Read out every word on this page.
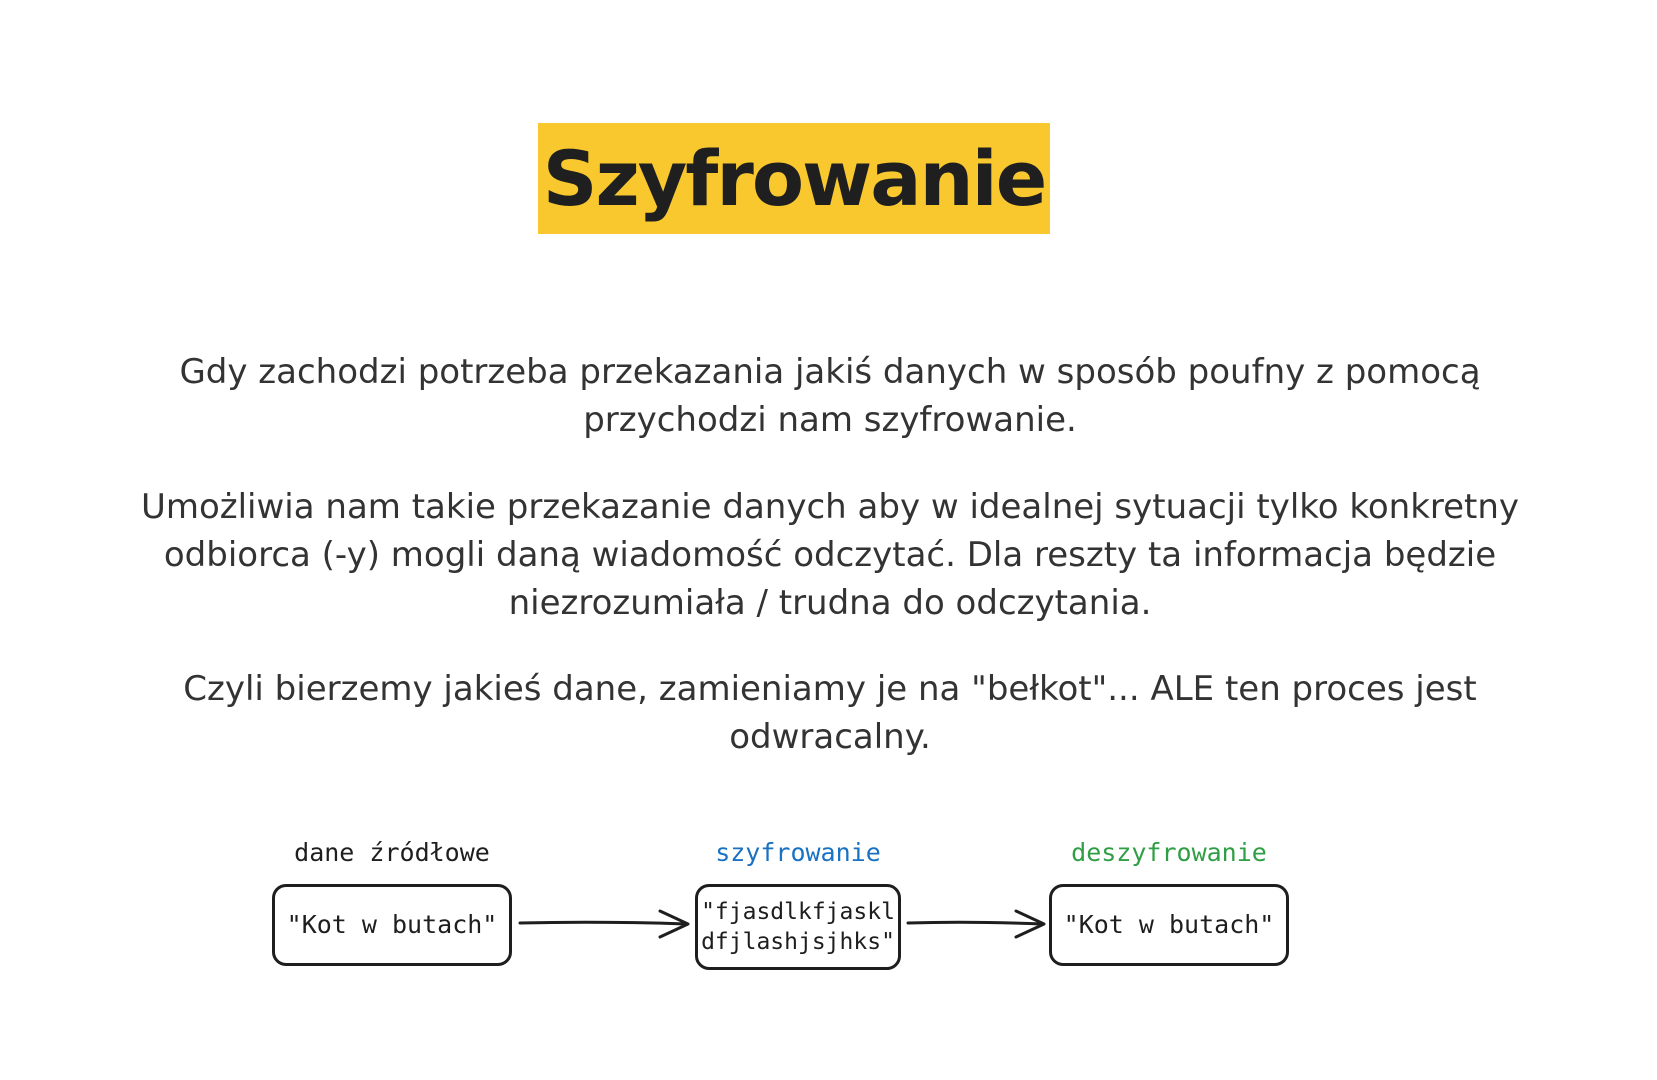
Szyfrowanie

Gdy zachodzi potrzeba przekazania jakiś danych w sposób poufny z pomocą
przychodzi nam szyfrowanie.

Umożliwia nam takie przekazanie danych aby w idealnej sytuacji tylko konkretny
odbiorca (-y) mogli daną wiadomość odczytać. Dla reszty ta informacja będzie
niezrozumiała / trudna do odczytania.

Czyli bierzemy jakieś dane, zamieniamy je na "bełkot"... ALE ten proces jest
odwracalny.

dane źródłowe
"Kot w butach"
szyfrowanie
"fjasdlkfjaskl
dfjlashjsjhks"
deszyfrowanie
"Kot w butach"
